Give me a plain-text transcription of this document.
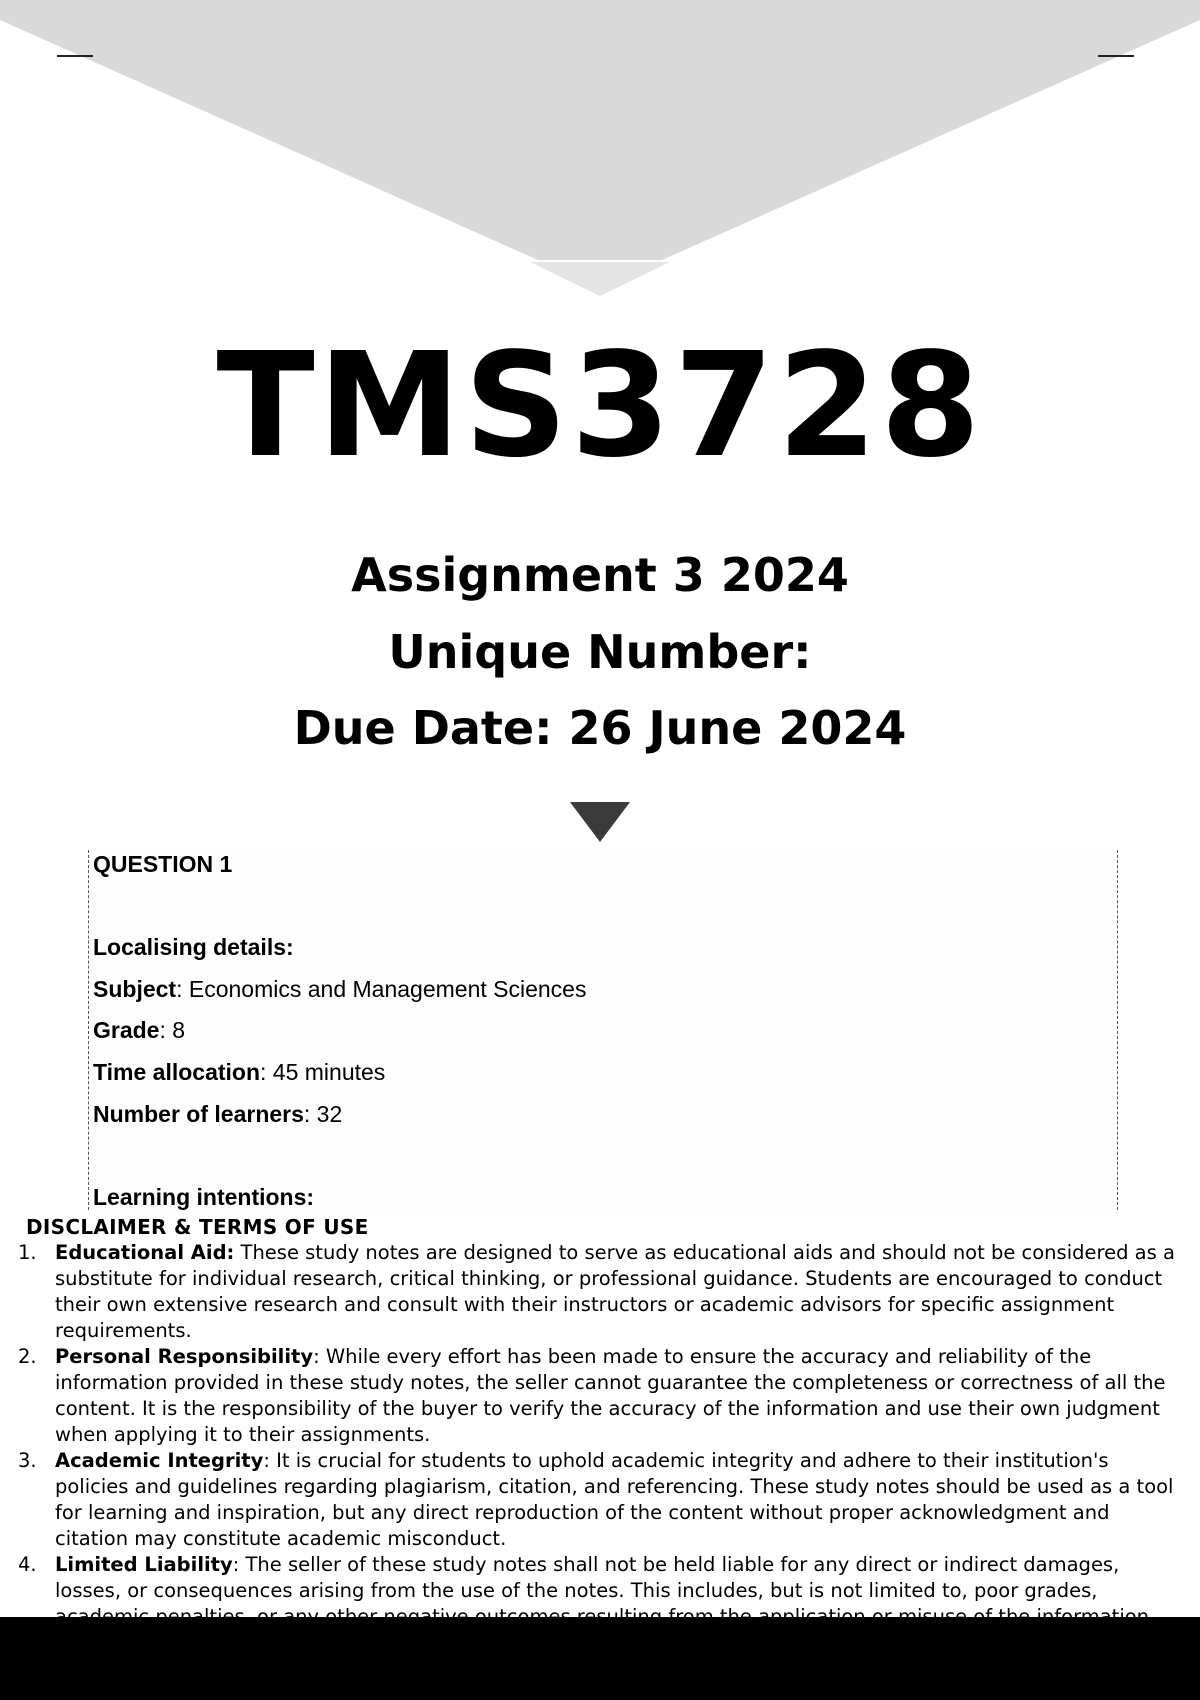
TMS3728
Assignment 3 2024
Unique Number:
Due Date: 26 June 2024
QUESTION 1
Localising details:
Subject: Economics and Management Sciences
Grade: 8
Time allocation: 45 minutes
Number of learners: 32
Learning intentions:
DISCLAIMER & TERMS OF USE
1. Educational Aid: These study notes are designed to serve as educational aids and should not be considered as a substitute for individual research, critical thinking, or professional guidance. Students are encouraged to conduct their own extensive research and consult with their instructors or academic advisors for specific assignment requirements.
2. Personal Responsibility: While every effort has been made to ensure the accuracy and reliability of the information provided in these study notes, the seller cannot guarantee the completeness or correctness of all the content. It is the responsibility of the buyer to verify the accuracy of the information and use their own judgment when applying it to their assignments.
3. Academic Integrity: It is crucial for students to uphold academic integrity and adhere to their institution's policies and guidelines regarding plagiarism, citation, and referencing. These study notes should be used as a tool for learning and inspiration, but any direct reproduction of the content without proper acknowledgment and citation may constitute academic misconduct.
4. Limited Liability: The seller of these study notes shall not be held liable for any direct or indirect damages, losses, or consequences arising from the use of the notes. This includes, but is not limited to, poor grades,
